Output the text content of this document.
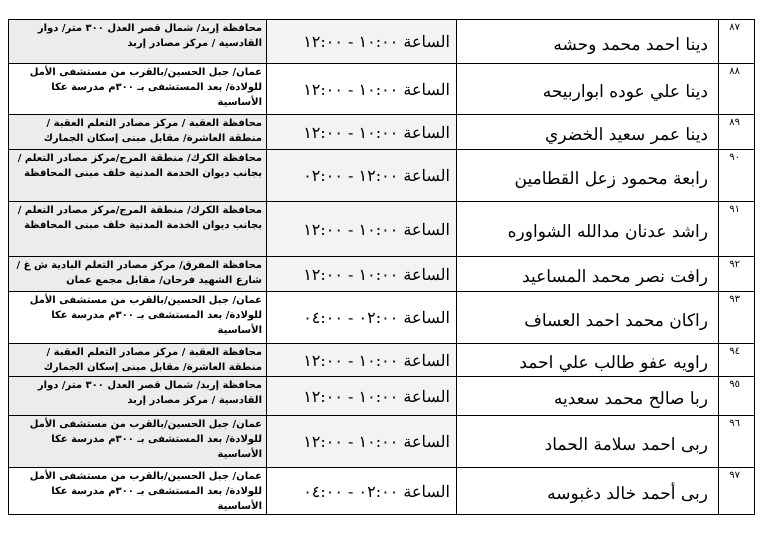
٨٧	دينا احمد محمد وحشه	الساعة ١٠:٠٠ - ١٢:٠٠	محافظة إربد/ شمال قصر العدل ٣٠٠ متر/ دوار القادسية / مركز مصادر إربد
٨٨	دينا علي عوده ابواربيحه	الساعة ١٠:٠٠ - ١٢:٠٠	عمان/ جبل الحسين/بالقرب من مستشفى الأمل للولادة/ بعد المستشفى بـ ٣٠٠م مدرسة عكا الأساسية
٨٩	دينا عمر سعيد الخضري	الساعة ١٠:٠٠ - ١٢:٠٠	محافظة العقبة / مركز مصادر التعلم العقبة / منطقة العاشرة/ مقابل مبنى إسكان الجمارك
٩٠	رابعة محمود زعل القطامين	الساعة ١٢:٠٠ - ٠٢:٠٠	محافظة الكرك/ منطقة المرج/مركز مصادر التعلم / بجانب ديوان الخدمة المدنية خلف مبنى المحافظة
٩١	راشد عدنان مدالله الشواوره	الساعة ١٠:٠٠ - ١٢:٠٠	محافظة الكرك/ منطقة المرج/مركز مصادر التعلم / بجانب ديوان الخدمة المدنية خلف مبنى المحافظة
٩٢	رافت نصر محمد المساعيد	الساعة ١٠:٠٠ - ١٢:٠٠	محافظة المفرق/ مركز مصادر التعلم البادية ش غ / شارع الشهيد فرحان/ مقابل مجمع عمان
٩٣	راكان محمد احمد العساف	الساعة ٠٢:٠٠ - ٠٤:٠٠	عمان/ جبل الحسين/بالقرب من مستشفى الأمل للولادة/ بعد المستشفى بـ ٣٠٠م مدرسة عكا الأساسية
٩٤	راويه عفو طالب علي احمد	الساعة ١٠:٠٠ - ١٢:٠٠	محافظة العقبة / مركز مصادر التعلم العقبة / منطقة العاشرة/ مقابل مبنى إسكان الجمارك
٩٥	ربا صالح محمد سعديه	الساعة ١٠:٠٠ - ١٢:٠٠	محافظة إربد/ شمال قصر العدل ٣٠٠ متر/ دوار القادسية / مركز مصادر إربد
٩٦	ربى احمد سلامة الحماد	الساعة ١٠:٠٠ - ١٢:٠٠	عمان/ جبل الحسين/بالقرب من مستشفى الأمل للولادة/ بعد المستشفى بـ ٣٠٠م مدرسة عكا الأساسية
٩٧	ربى أحمد خالد دغبوسه	الساعة ٠٢:٠٠ - ٠٤:٠٠	عمان/ جبل الحسين/بالقرب من مستشفى الأمل للولادة/ بعد المستشفى بـ ٣٠٠م مدرسة عكا الأساسية
